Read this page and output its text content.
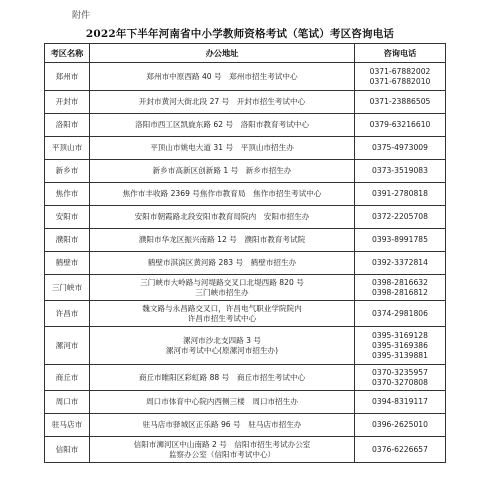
附件
2022年下半年河南省中小学教师资格考试（笔试）考区咨询电话
考区名称	办公地址	咨询电话
郑州市	郑州市中原西路 40 号　郑州市招生考试中心	0371-67882002
0371-67882010

开封市	开封市黄河大街北段 27 号　开封市招生考试中心	0371-23886505

洛阳市	洛阳市西工区凯旋东路 62 号　洛阳市教育考试中心	0379-63216610

平顶山市	平顶山市姚电大道 31 号　平顶山市招生办	0375-4973009

新乡市	新乡市高新区创新路 1 号　新乡市招生办	0373-3519083

焦作市	焦作市丰收路 2369 号焦作市教育局　焦作市招生考试中心	0391-2780818

安阳市	安阳市朝霞路北段安阳市教育局院内　安阳市招生办	0372-2205708

濮阳市	濮阳市华龙区振兴南路 12 号　濮阳市教育考试院	0393-8991785

鹤壁市	鹤壁市淇滨区黄河路 283 号　鹤壁市招生办	0392-3372814

三门峡市	三门峡市大岭路与河堤路交叉口北堤西路 820 号
三门峡市招生办	0398-2816632
0398-2816812

许昌市	魏文路与永昌路交叉口，许昌电气职业学院院内
许昌市招生考试中心	0374-2981806

漯河市	漯河市沙北支四路 3 号
漯河市考试中心(原漯河市招生办)	0395-3169128
0395-3169386
0395-3139881

商丘市	商丘市睢阳区彩虹路 88 号　商丘市招生考试中心	0370-3235957
0370-3270808

周口市	周口市体育中心院内西侧三楼　周口市招生办	0394-8319117

驻马店市	驻马店市驿城区正乐路 96 号　驻马店市招生办	0396-2625010

信阳市	信阳市浉河区中山南路 2 号　信阳市招生考试办公室
监察办公室（信阳市考试中心）	0376-6226657
